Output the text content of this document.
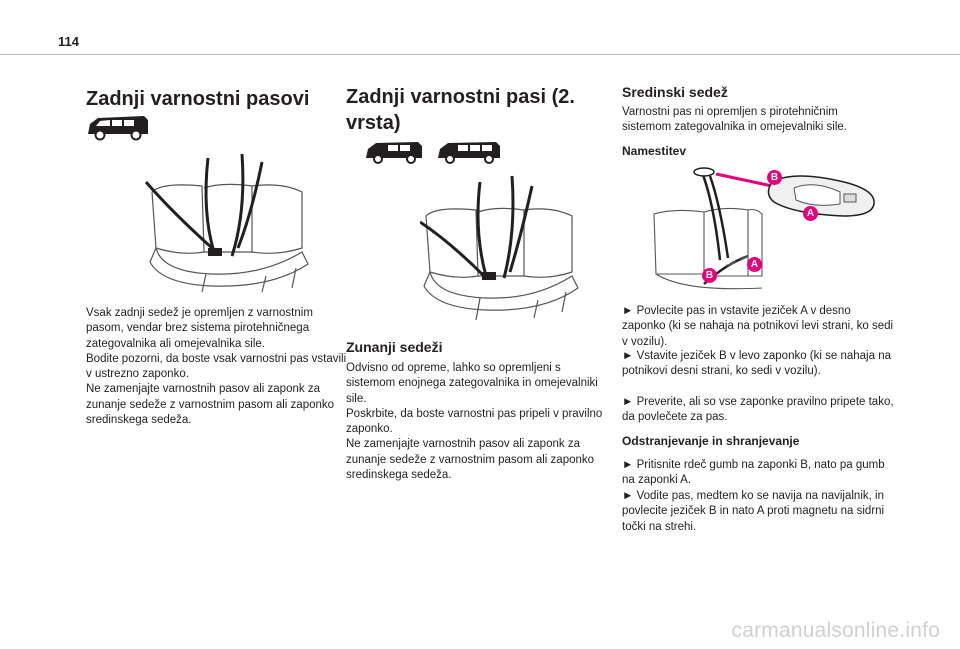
114
Zadnji varnostni pasovi

Vsak zadnji sedež je opremljen z varnostnim pasom, vendar brez sistema pirotehničnega zategovalnika ali omejevalnika sile.
Bodite pozorni, da boste vsak varnostni pas vstavili v ustrezno zaponko.
Ne zamenjajte varnostnih pasov ali zaponk za zunanje sedeže z varnostnim pasom ali zaponko sredinskega sedeža.

Zadnji varnostni pasi (2. vrsta)
Zunanji sedeži

Odvisno od opreme, lahko so opremljeni s sistemom enojnega zategovalnika in omejevalniki sile.
Poskrbite, da boste varnostni pas pripeli v pravilno zaponko.
Ne zamenjajte varnostnih pasov ali zaponk za zunanje sedeže z varnostnim pasom ali zaponko sredinskega sedeža.

Sredinski sedež

Varnostni pas ni opremljen s pirotehničnim sistemom zategovalnika in omejevalniki sile.

Namestitev
B
A
A
B

► Povlecite pas in vstavite jeziček A v desno zaponko (ki se nahaja na potnikovi levi strani, ko sedi v vozilu).

► Vstavite jeziček B v levo zaponko (ki se nahaja na potnikovi desni strani, ko sedi v vozilu).

► Preverite, ali so vse zaponke pravilno pripete tako, da povlečete za pas.

Odstranjevanje in shranjevanje

► Pritisnite rdeč gumb na zaponki B, nato pa gumb na zaponki A.

► Vodite pas, medtem ko se navija na navijalnik, in povlecite jeziček B in nato A proti magnetu na sidrni točki na strehi.

carmanualsonline.info
